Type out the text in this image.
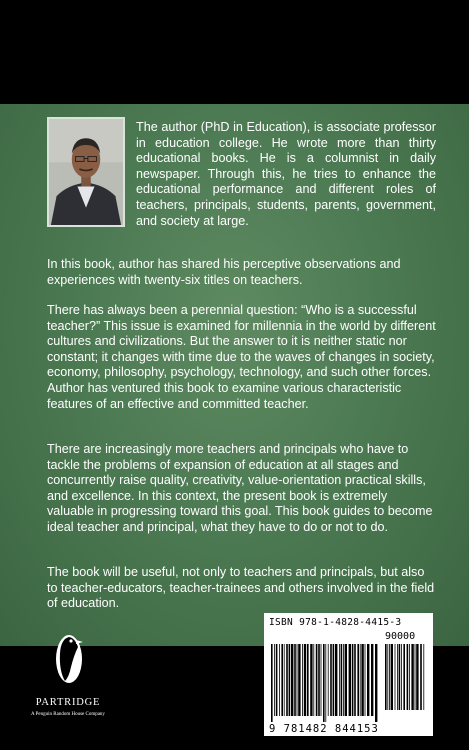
The author (PhD in Education), is associate professor in education college. He wrote more than thirty educational books. He is a columnist in daily newspaper. Through this, he tries to enhance the educational performance and different roles of teachers, principals, students, parents, government, and society at large.

In this book, author has shared his perceptive observations and experiences with twenty-six titles on teachers.

There has always been a perennial question: “Who is a successful teacher?” This issue is examined for millennia in the world by different cultures and civilizations. But the answer to it is neither static nor constant; it changes with time due to the waves of changes in society, economy, philosophy, psychology, technology, and such other forces. Author has ventured this book to examine various characteristic features of an effective and committed teacher.

There are increasingly more teachers and principals who have to tackle the problems of expansion of education at all stages and concurrently raise quality, creativity, value-orientation practical skills, and excellence. In this context, the present book is extremely valuable in progressing toward this goal. This book guides to become ideal teacher and principal, what they have to do or not to do.

The book will be useful, not only to teachers and principals, but also to teacher-educators, teacher-trainees and others involved in the field of education.

PARTRIDGE
A Penguin Random House Company
ISBN 978-1-4828-4415-3
90000
9 781482 844153
